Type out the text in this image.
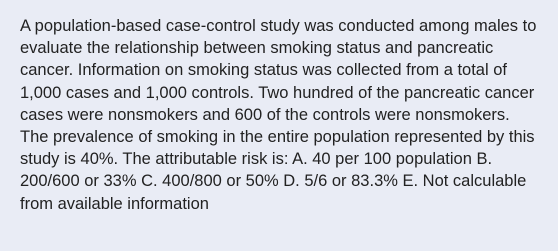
A population-based case-control study was conducted among males to evaluate the relationship between smoking status and pancreatic cancer. Information on smoking status was collected from a total of 1,000 cases and 1,000 controls. Two hundred of the pancreatic cancer cases were nonsmokers and 600 of the controls were nonsmokers. The prevalence of smoking in the entire population represented by this study is 40%. The attributable risk is: A. 40 per 100 population B. 200/600 or 33% C. 400/800 or 50% D. 5/6 or 83.3% E. Not calculable from available information
